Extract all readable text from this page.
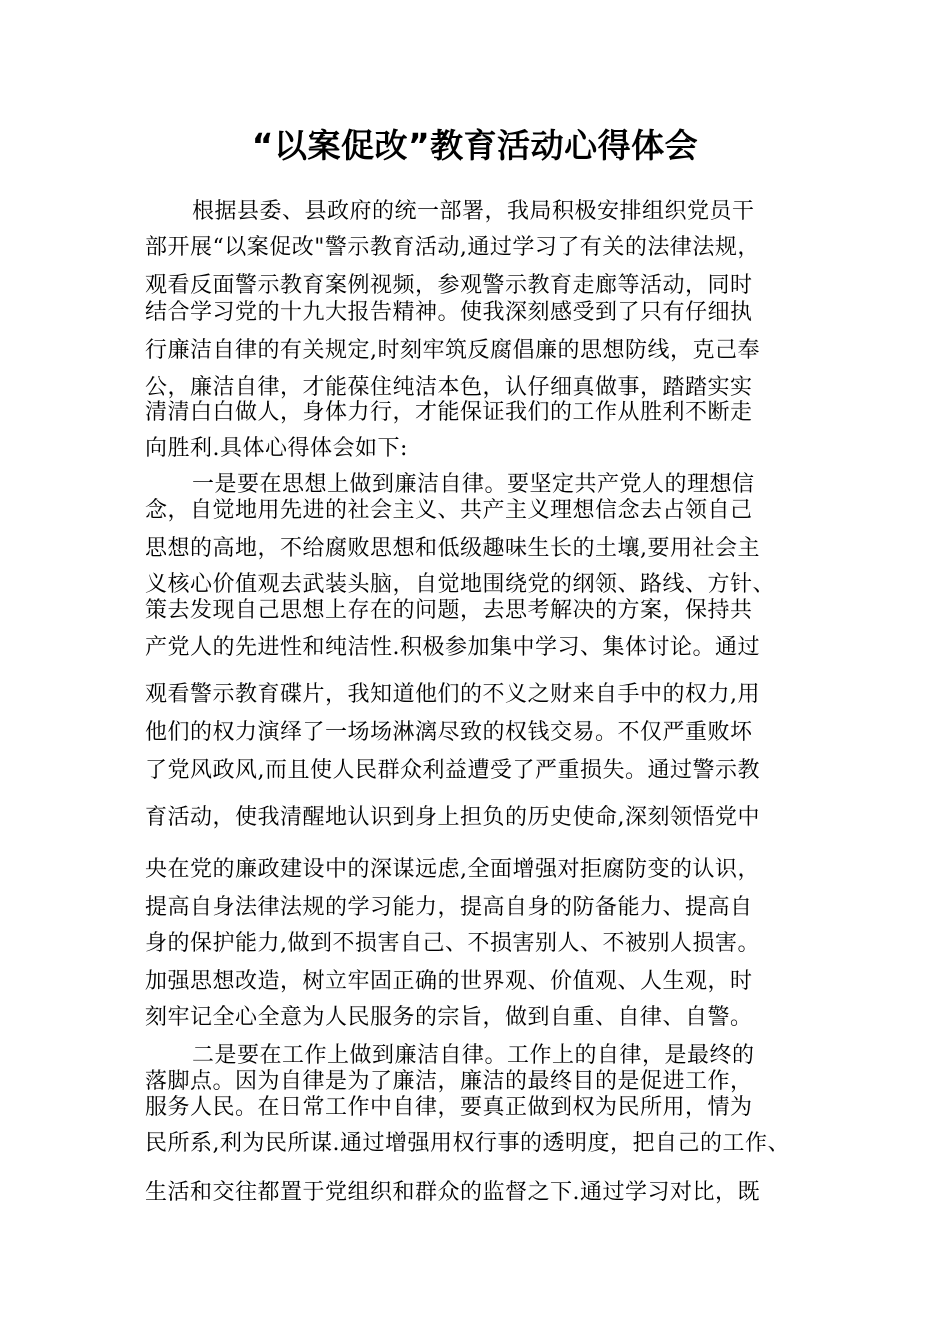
“以案促改”教育活动心得体会
根据县委、县政府的统一部署，我局积极安排组织党员干
部开展“以案促改"警示教育活动,通过学习了有关的法律法规，
观看反面警示教育案例视频，参观警示教育走廊等活动，同时
结合学习党的十九大报告精神。使我深刻感受到了只有仔细执
行廉洁自律的有关规定,时刻牢筑反腐倡廉的思想防线，克己奉
公，廉洁自律，才能葆住纯洁本色，认仔细真做事，踏踏实实
清清白白做人，身体力行，才能保证我们的工作从胜利不断走
向胜利.具体心得体会如下:
一是要在思想上做到廉洁自律。要坚定共产党人的理想信
念，自觉地用先进的社会主义、共产主义理想信念去占领自己
思想的高地，不给腐败思想和低级趣味生长的土壤,要用社会主
义核心价值观去武装头脑，自觉地围绕党的纲领、路线、方针、
策去发现自己思想上存在的问题，去思考解决的方案，保持共
产党人的先进性和纯洁性.积极参加集中学习、集体讨论。通过
观看警示教育碟片，我知道他们的不义之财来自手中的权力,用
他们的权力演绎了一场场淋漓尽致的权钱交易。不仅严重败坏
了党风政风,而且使人民群众利益遭受了严重损失。通过警示教
育活动，使我清醒地认识到身上担负的历史使命,深刻领悟党中
央在党的廉政建设中的深谋远虑,全面增强对拒腐防变的认识，
提高自身法律法规的学习能力，提高自身的防备能力、提高自
身的保护能力,做到不损害自己、不损害别人、不被别人损害。
加强思想改造，树立牢固正确的世界观、价值观、人生观，时
刻牢记全心全意为人民服务的宗旨，做到自重、自律、自警。
二是要在工作上做到廉洁自律。工作上的自律，是最终的
落脚点。因为自律是为了廉洁，廉洁的最终目的是促进工作，
服务人民。在日常工作中自律，要真正做到权为民所用，情为
民所系,利为民所谋.通过增强用权行事的透明度，把自己的工作、
生活和交往都置于党组织和群众的监督之下.通过学习对比，既
